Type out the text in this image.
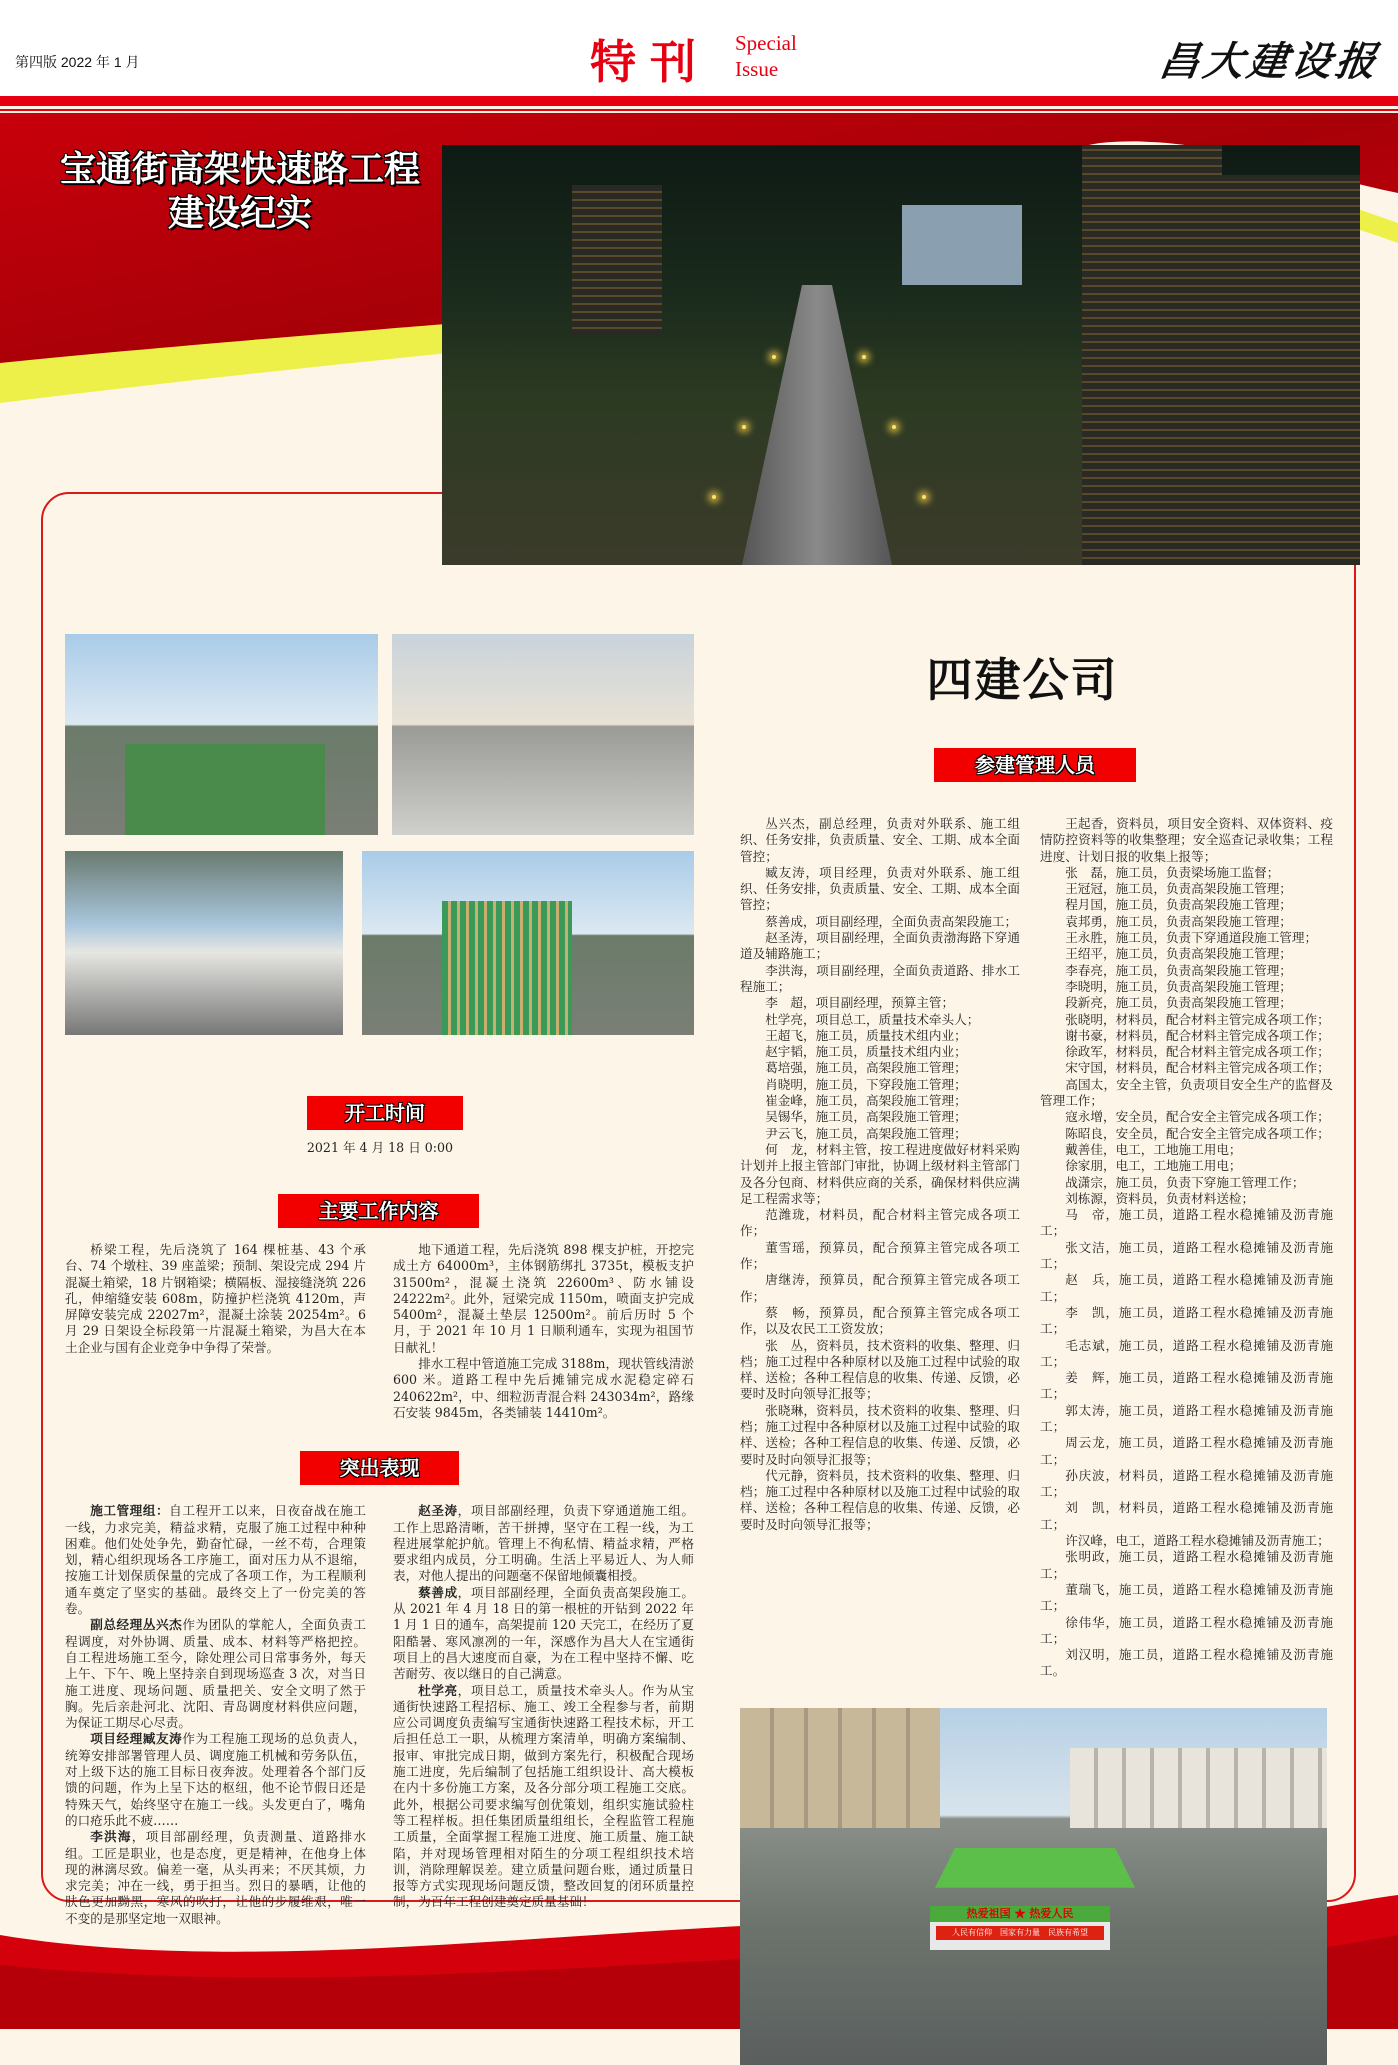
第四版 2022 年 1 月	特刊 Special
Issue	昌大建设报
宝通街高架快速路工程
建设纪实
开工时间
2021 年 4 月 18 日 0:00
主要工作内容

桥梁工程，先后浇筑了 164 棵桩基、43 个承台、74 个墩柱、39 座盖梁；预制、架设完成 294 片混凝土箱梁，18 片钢箱梁；横隔板、湿接缝浇筑 226 孔，伸缩缝安装 608m，防撞护栏浇筑 4120m，声屏障安装完成 22027m²，混凝土涂装 20254m²。6 月 29 日架设全标段第一片混凝土箱梁，为昌大在本土企业与国有企业竞争中争得了荣誉。

地下通道工程，先后浇筑 898 棵支护桩，开挖完成土方 64000m³，主体钢筋绑扎 3735t，模板支护 31500m²，混凝土浇筑 22600m³、防水铺设 24222m²。此外，冠梁完成 1150m，喷面支护完成 5400m²，混凝土垫层 12500m²。前后历时 5 个月，于 2021 年 10 月 1 日顺利通车，实现为祖国节日献礼！

排水工程中管道施工完成 3188m，现状管线清淤 600 米。道路工程中先后摊铺完成水泥稳定碎石 240622m²，中、细粒沥青混合料 243034m²，路缘石安装 9845m，各类铺装 14410m²。

突出表现

施工管理组：自工程开工以来，日夜奋战在施工一线，力求完美，精益求精，克服了施工过程中种种困难。他们处处争先，勤奋忙碌，一丝不苟，合理策划，精心组织现场各工序施工，面对压力从不退缩，按施工计划保质保量的完成了各项工作，为工程顺利通车奠定了坚实的基础。最终交上了一份完美的答卷。

副总经理丛兴杰作为团队的掌舵人，全面负责工程调度，对外协调、质量、成本、材料等严格把控。自工程进场施工至今，除处理公司日常事务外，每天上午、下午、晚上坚持亲自到现场巡查 3 次，对当日施工进度、现场问题、质量把关、安全文明了然于胸。先后亲赴河北、沈阳、青岛调度材料供应问题，为保证工期尽心尽责。

项目经理臧友涛作为工程施工现场的总负责人，统筹安排部署管理人员、调度施工机械和劳务队伍，对上级下达的施工目标日夜奔波。处理着各个部门反馈的问题，作为上呈下达的枢纽，他不论节假日还是特殊天气，始终坚守在施工一线。头发更白了，嘴角的口疮乐此不疲……

李洪海，项目部副经理，负责测量、道路排水组。工匠是职业，也是态度，更是精神，在他身上体现的淋漓尽致。偏差一毫，从头再来；不厌其烦，力求完美；冲在一线，勇于担当。烈日的暴晒，让他的肤色更加黝黑，寒风的吹打，让他的步履维艰，唯一不变的是那坚定地一双眼神。

赵圣涛，项目部副经理，负责下穿通道施工组。工作上思路清晰，苦干拼搏，坚守在工程一线，为工程进展掌舵护航。管理上不徇私情、精益求精，严格要求组内成员，分工明确。生活上平易近人、为人师表，对他人提出的问题毫不保留地倾囊相授。

蔡善成，项目部副经理，全面负责高架段施工。从 2021 年 4 月 18 日的第一根桩的开钻到 2022 年 1 月 1 日的通车，高架提前 120 天完工，在经历了夏阳酷暑、寒风凛冽的一年，深感作为昌大人在宝通街项目上的昌大速度而自豪，为在工程中坚持不懈、吃苦耐劳、夜以继日的自己满意。

杜学亮，项目总工，质量技术牵头人。作为从宝通街快速路工程招标、施工、竣工全程参与者，前期应公司调度负责编写宝通街快速路工程技术标，开工后担任总工一职，从梳理方案清单，明确方案编制、报审、审批完成日期，做到方案先行，积极配合现场施工进度，先后编制了包括施工组织设计、高大模板在内十多份施工方案，及各分部分项工程施工交底。此外，根据公司要求编写创优策划，组织实施试验柱等工程样板。担任集团质量组组长，全程监管工程施工质量，全面掌握工程施工进度、施工质量、施工缺陷，并对现场管理相对陌生的分项工程组织技术培训，消除理解误差。建立质量问题台账，通过质量日报等方式实现现场问题反馈，整改回复的闭环质量控制，为百年工程创建奠定质量基础！

四建公司
参建管理人员

丛兴杰，副总经理，负责对外联系、施工组织、任务安排，负责质量、安全、工期、成本全面管控；

臧友涛，项目经理，负责对外联系、施工组织、任务安排，负责质量、安全、工期、成本全面管控；

蔡善成，项目副经理，全面负责高架段施工；

赵圣涛，项目副经理，全面负责渤海路下穿通道及辅路施工；

李洪海，项目副经理，全面负责道路、排水工程施工；

李　超，项目副经理，预算主管；

杜学亮，项目总工，质量技术牵头人；

王超飞，施工员，质量技术组内业；

赵宇韬，施工员，质量技术组内业；

葛培强，施工员，高架段施工管理；

肖晓明，施工员，下穿段施工管理；

崔金峰，施工员，高架段施工管理；

吴锡华，施工员，高架段施工管理；

尹云飞，施工员，高架段施工管理；

何　龙，材料主管，按工程进度做好材料采购计划并上报主管部门审批，协调上级材料主管部门及各分包商、材料供应商的关系，确保材料供应满足工程需求等；

范潍珑，材料员，配合材料主管完成各项工作；

董雪瑶，预算员，配合预算主管完成各项工作；

唐继涛，预算员，配合预算主管完成各项工作；

蔡　畅，预算员，配合预算主管完成各项工作，以及农民工工资发放；

张　丛，资料员，技术资料的收集、整理、归档；施工过程中各种原材以及施工过程中试验的取样、送检；各种工程信息的收集、传递、反馈，必要时及时向领导汇报等；

张晓琳，资料员，技术资料的收集、整理、归档；施工过程中各种原材以及施工过程中试验的取样、送检；各种工程信息的收集、传递、反馈，必要时及时向领导汇报等；

代元静，资料员，技术资料的收集、整理、归档；施工过程中各种原材以及施工过程中试验的取样、送检；各种工程信息的收集、传递、反馈，必要时及时向领导汇报等；

王起香，资料员，项目安全资料、双体资料、疫情防控资料等的收集整理；安全巡查记录收集；工程进度、计划日报的收集上报等；

张　磊，施工员，负责梁场施工监督；

王冠冠，施工员，负责高架段施工管理；

程月国，施工员，负责高架段施工管理；

袁邦勇，施工员，负责高架段施工管理；

王永胜，施工员，负责下穿通道段施工管理；

王绍平，施工员，负责高架段施工管理；

李春亮，施工员，负责高架段施工管理；

李晓明，施工员，负责高架段施工管理；

段新亮，施工员，负责高架段施工管理；

张晓明，材料员，配合材料主管完成各项工作；

谢书豪，材料员，配合材料主管完成各项工作；

徐政军，材料员，配合材料主管完成各项工作；

宋守国，材料员，配合材料主管完成各项工作；

高国太，安全主管，负责项目安全生产的监督及管理工作；

寇永增，安全员，配合安全主管完成各项工作；

陈昭良，安全员，配合安全主管完成各项工作；

戴善佳，电工，工地施工用电；

徐家朋，电工，工地施工用电；

战潇宗，施工员，负责下穿施工管理工作；

刘栋源，资料员，负责材料送检；

马　帝，施工员，道路工程水稳摊铺及沥青施工；

张文洁，施工员，道路工程水稳摊铺及沥青施工；

赵　兵，施工员，道路工程水稳摊铺及沥青施工；

李　凯，施工员，道路工程水稳摊铺及沥青施工；

毛志斌，施工员，道路工程水稳摊铺及沥青施工；

姜　辉，施工员，道路工程水稳摊铺及沥青施工；

郭太涛，施工员，道路工程水稳摊铺及沥青施工；

周云龙，施工员，道路工程水稳摊铺及沥青施工；

孙庆波，材料员，道路工程水稳摊铺及沥青施工；

刘　凯，材料员，道路工程水稳摊铺及沥青施工；

许汉峰，电工，道路工程水稳摊铺及沥青施工；

张明政，施工员，道路工程水稳摊铺及沥青施工；

董瑞飞，施工员，道路工程水稳摊铺及沥青施工；

徐伟华，施工员，道路工程水稳摊铺及沥青施工；

刘汉明，施工员，道路工程水稳摊铺及沥青施工。

热爱祖国 ★ 热爱人民
人民有信仰　国家有力量　民族有希望
